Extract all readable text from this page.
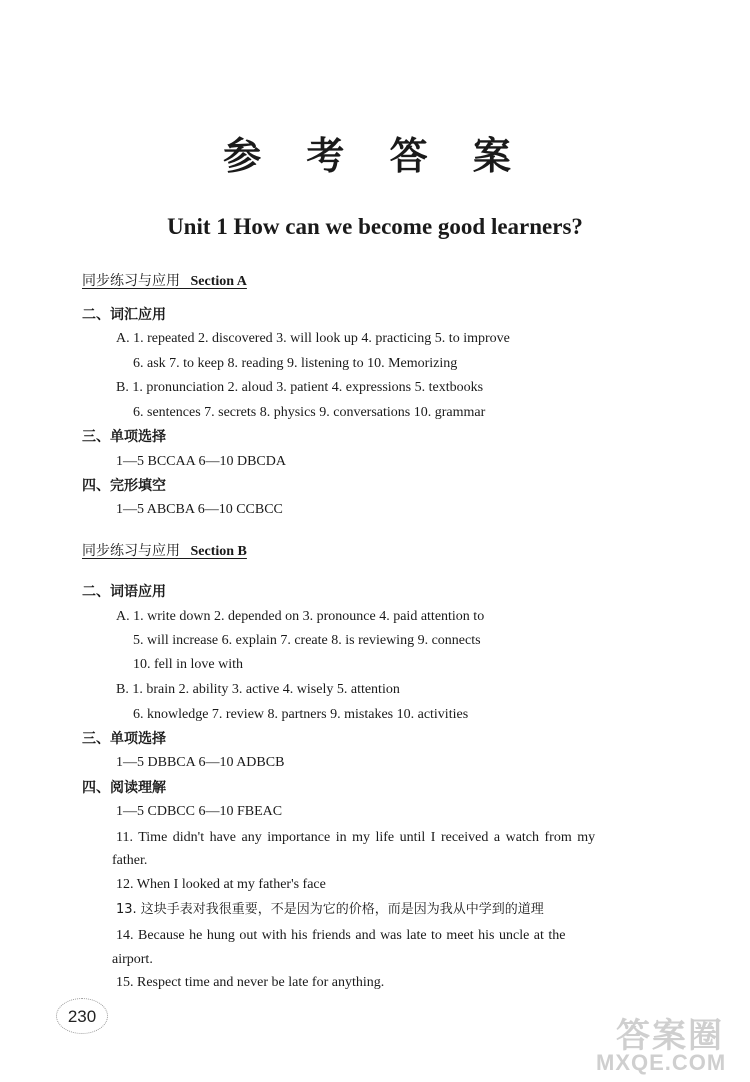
参 考 答 案
Unit 1 How can we become good learners?
同步练习与应用 Section A
二、词汇应用
A. 1. repeated 2. discovered 3. will look up 4. practicing 5. to improve
6. ask 7. to keep 8. reading 9. listening to 10. Memorizing
B. 1. pronunciation 2. aloud 3. patient 4. expressions 5. textbooks
6. sentences 7. secrets 8. physics 9. conversations 10. grammar
三、单项选择
1—5 BCCAA 6—10 DBCDA
四、完形填空
1—5 ABCBA 6—10 CCBCC
同步练习与应用 Section B
二、词语应用
A. 1. write down 2. depended on 3. pronounce 4. paid attention to
5. will increase 6. explain 7. create 8. is reviewing 9. connects
10. fell in love with
B. 1. brain 2. ability 3. active 4. wisely 5. attention
6. knowledge 7. review 8. partners 9. mistakes 10. activities
三、单项选择
1—5 DBBCA 6—10 ADBCB
四、阅读理解
1—5 CDBCC 6—10 FBEAC
11. Time didn't have any importance in my life until I received a watch from my
father.
12. When I looked at my father's face
13. 这块手表对我很重要，不是因为它的价格，而是因为我从中学到的道理
14. Because he hung out with his friends and was late to meet his uncle at the
airport.
15. Respect time and never be late for anything.
230
答案圈
MXQE.COM
